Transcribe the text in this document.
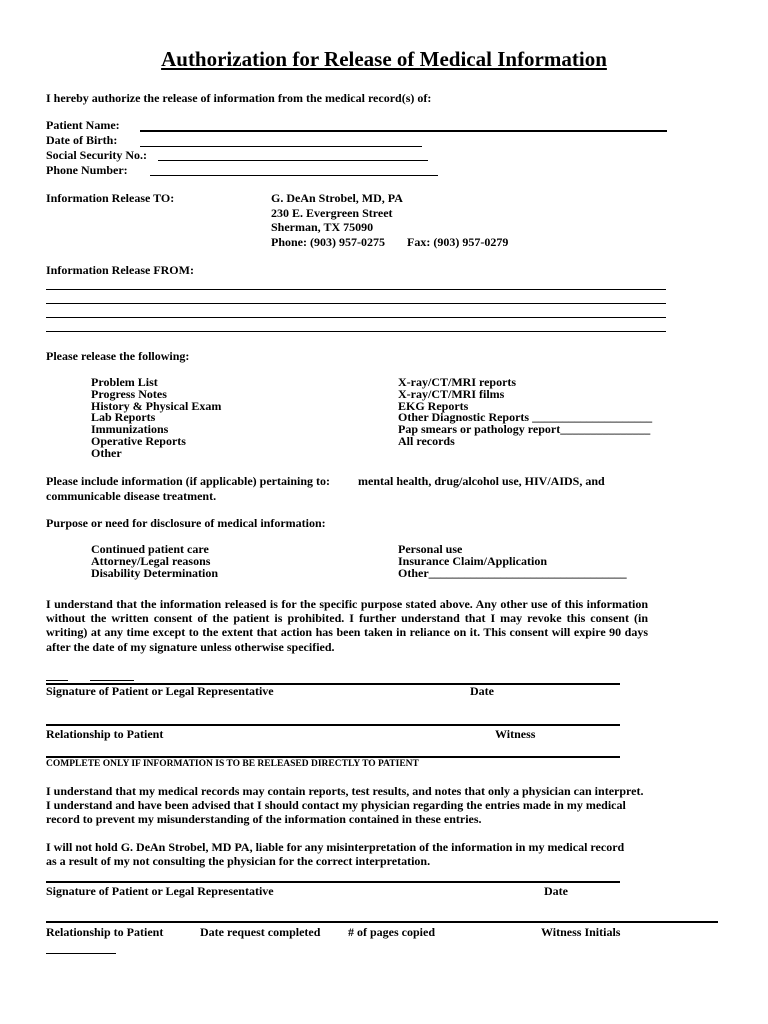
Authorization for Release of Medical Information
I hereby authorize the release of information from the medical record(s) of:
Patient Name:
Date of Birth:
Social Security No.:
Phone Number:
Information Release TO:	G. DeAn Strobel, MD, PA
230 E. Evergreen Street
Sherman, TX 75090
Phone: (903) 957-0275 Fax: (903) 957-0279
Information Release FROM:
Please release the following:
Problem List
Progress Notes
History & Physical Exam
Lab Reports
Immunizations
Operative Reports
Other
X-ray/CT/MRI reports
X-ray/CT/MRI films
EKG Reports
Other Diagnostic Reports ____________________
Pap smears or pathology report_______________
All records
Please include information (if applicable) pertaining to: mental health, drug/alcohol use, HIV/AIDS, and
communicable disease treatment.
Purpose or need for disclosure of medical information:
Continued patient care
Attorney/Legal reasons
Disability Determination
Personal use
Insurance Claim/Application
Other_________________________________
I understand that the information released is for the specific purpose stated above. Any other use of this information without the written consent of the patient is prohibited. I further understand that I may revoke this consent (in writing) at any time except to the extent that action has been taken in reliance on it. This consent will expire 90 days after the date of my signature unless otherwise specified.
Signature of Patient or Legal Representative	Date
Relationship to Patient	Witness
COMPLETE ONLY IF INFORMATION IS TO BE RELEASED DIRECTLY TO PATIENT
I understand that my medical records may contain reports, test results, and notes that only a physician can interpret. I understand and have been advised that I should contact my physician regarding the entries made in my medical record to prevent my misunderstanding of the information contained in these entries.
I will not hold G. DeAn Strobel, MD PA, liable for any misinterpretation of the information in my medical record as a result of my not consulting the physician for the correct interpretation.
Signature of Patient or Legal Representative	Date
Relationship to Patient	Date request completed # of pages copied	Witness Initials
